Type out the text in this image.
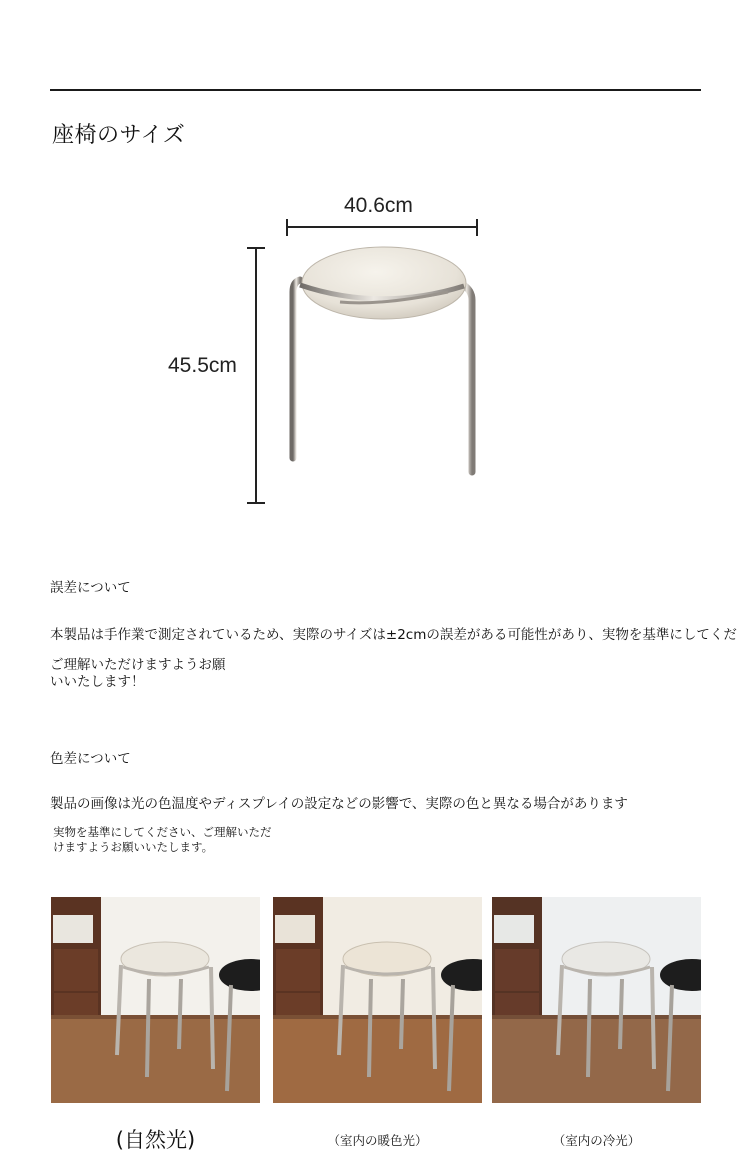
座椅のサイズ
40.6cm
45.5cm
誤差について
本製品は手作業で測定されているため、実際のサイズは±2cmの誤差がある可能性があり、実物を基準にしてくだ
ご理解いただけますようお願
いいたします！
色差について
製品の画像は光の色温度やディスプレイの設定などの影響で、実際の色と異なる場合があります
実物を基準にしてください、ご理解いただ
けますようお願いいたします。
(自然光)	（室内の暖色光）	（室内の冷光）
